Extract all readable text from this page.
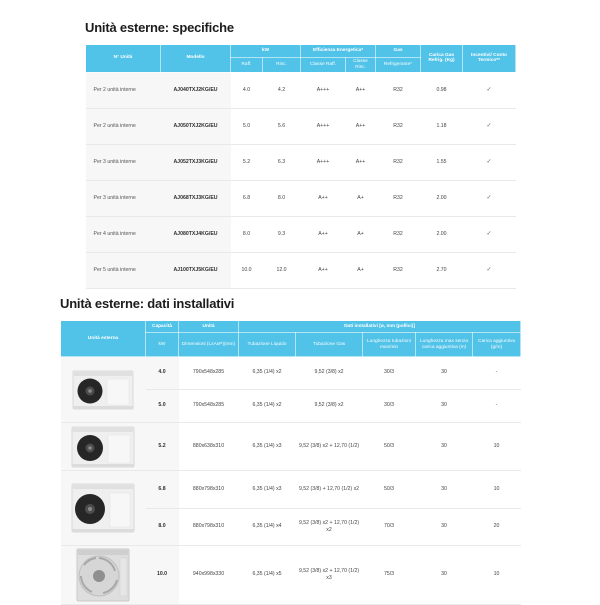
Unità esterne: specifiche
N° Unità	Modello	kW		Efficienza Energetica*		Gas	Carica Gas Refrig. (Kg)	Incentivi/ Conto Termico**
		Raff.	Risc.	Classe Raff.	Classe Risc.	Refrigerante*		
Per 2 unità interne	AJ040TXJ2KG/EU	4.0	4.2	A+++	A++	R32	0.98	✓
Per 2 unità interne	AJ050TXJ2KG/EU	5.0	5.6	A+++	A++	R32	1.18	✓
Per 3 unità interne	AJ052TXJ3KG/EU	5.2	6.3	A+++	A++	R32	1.55	✓
Per 3 unità interne	AJ068TXJ3KG/EU	6.8	8.0	A++	A+	R32	2.00	✓
Per 4 unità interne	AJ080TXJ4KG/EU	8.0	9.3	A++	A+	R32	2.00	✓
Per 5 unità interne	AJ100TXJ5KG/EU	10.0	12.0	A++	A+	R32	2.70	✓
Unità esterne: dati installativi
Unità esterna	Capacità	Unità	Dati installativi [ø, mm (pollici)]				
	kW	Dimensioni (LxAxP)(mm)	Tubazione Liquido	Tubazione Gas	Lunghezza tubazioni max/min	Lunghezza max senza carica aggiuntiva (m)	Carica aggiuntiva (g/m)

	4.0	790x548x285	6,35 (1/4) x2	9,52 (3/8) x2	30/3	30	-
	5.0	790x548x285	6,35 (1/4) x2	9,52 (3/8) x2	30/3	30	-

	5.2	880x638x310	6,35 (1/4) x3	9,52 (3/8) x2 + 12,70 (1/2)	50/3	30	10

	6.8	880x798x310	6,35 (1/4) x3	9,52 (3/8) + 12,70 (1/2) x2	50/3	30	10
	8.0	880x798x310	6,35 (1/4) x4	9,52 (3/8) x2 + 12,70 (1/2) x2	70/3	30	20

	10.0	940x998x330	6,35 (1/4) x5	9,52 (3/8) x2 + 12,70 (1/2) x3	75/3	30	10
